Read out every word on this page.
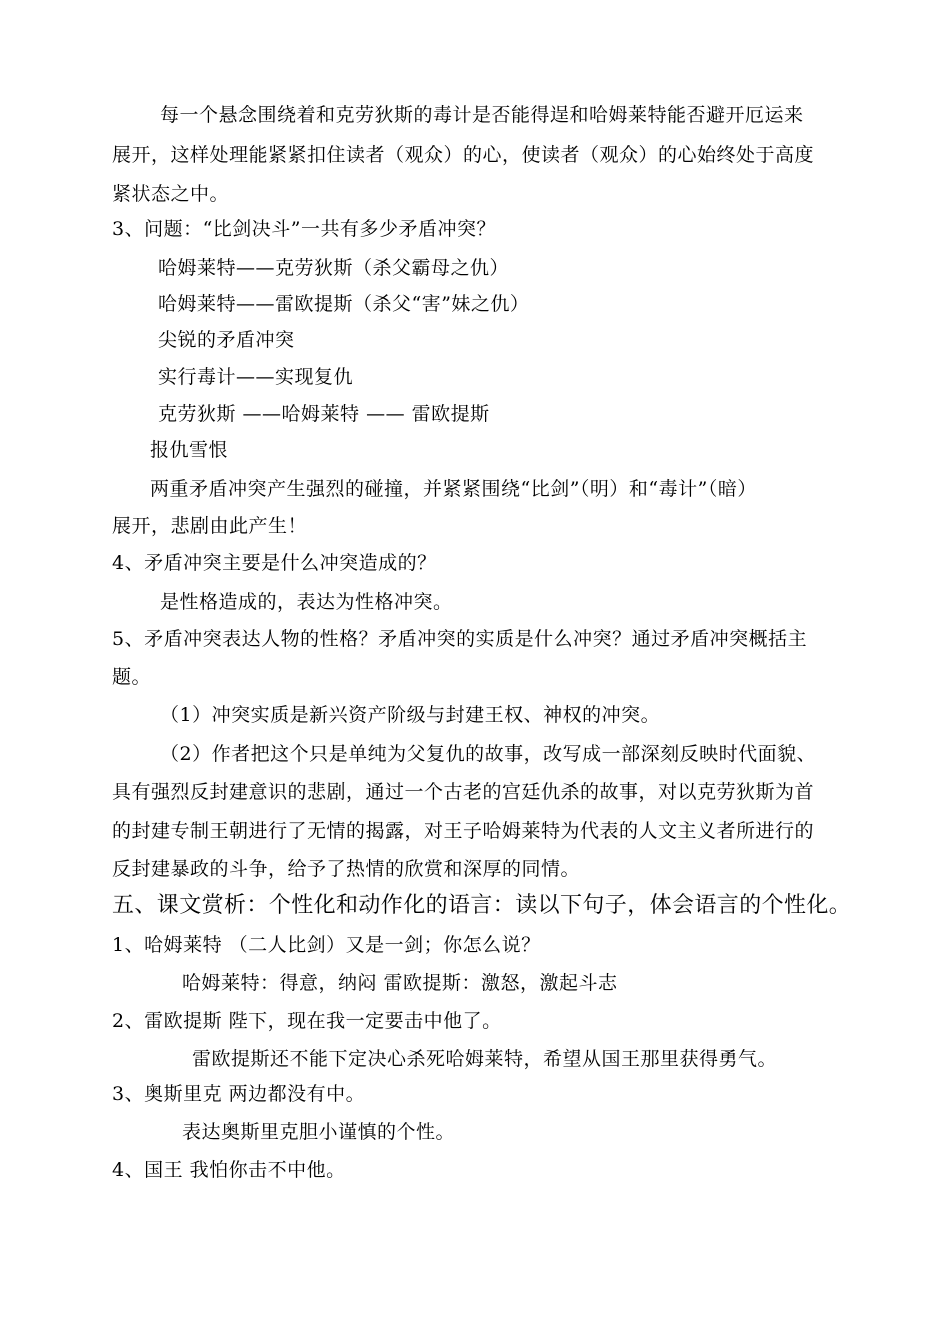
每一个悬念围绕着和克劳狄斯的毒计是否能得逞和哈姆莱特能否避开厄运来
展开，这样处理能紧紧扣住读者（观众）的心，使读者（观众）的心始终处于高度
紧状态之中。
3、问题：“比剑决斗”一共有多少矛盾冲突？
哈姆莱特——克劳狄斯（杀父霸母之仇）
哈姆莱特——雷欧提斯（杀父“害”妹之仇）
尖锐的矛盾冲突
实行毒计——实现复仇
克劳狄斯 ——哈姆莱特 —— 雷欧提斯
报仇雪恨
两重矛盾冲突产生强烈的碰撞，并紧紧围绕“比剑”（明）和“毒计”（暗）
展开，悲剧由此产生！
4、矛盾冲突主要是什么冲突造成的？
是性格造成的，表达为性格冲突。
5、矛盾冲突表达人物的性格？矛盾冲突的实质是什么冲突？通过矛盾冲突概括主
题。
（1）冲突实质是新兴资产阶级与封建王权、神权的冲突。
（2）作者把这个只是单纯为父复仇的故事，改写成一部深刻反映时代面貌、
具有强烈反封建意识的悲剧，通过一个古老的宫廷仇杀的故事，对以克劳狄斯为首
的封建专制王朝进行了无情的揭露，对王子哈姆莱特为代表的人文主义者所进行的
反封建暴政的斗争，给予了热情的欣赏和深厚的同情。
五、课文赏析：个性化和动作化的语言：读以下句子，体会语言的个性化。
1、哈姆莱特 （二人比剑）又是一剑；你怎么说？
哈姆莱特：得意，纳闷 雷欧提斯：激怒，激起斗志
2、雷欧提斯 陛下，现在我一定要击中他了。
雷欧提斯还不能下定决心杀死哈姆莱特，希望从国王那里获得勇气。
3、奥斯里克 两边都没有中。
表达奥斯里克胆小谨慎的个性。
4、国王 我怕你击不中他。
